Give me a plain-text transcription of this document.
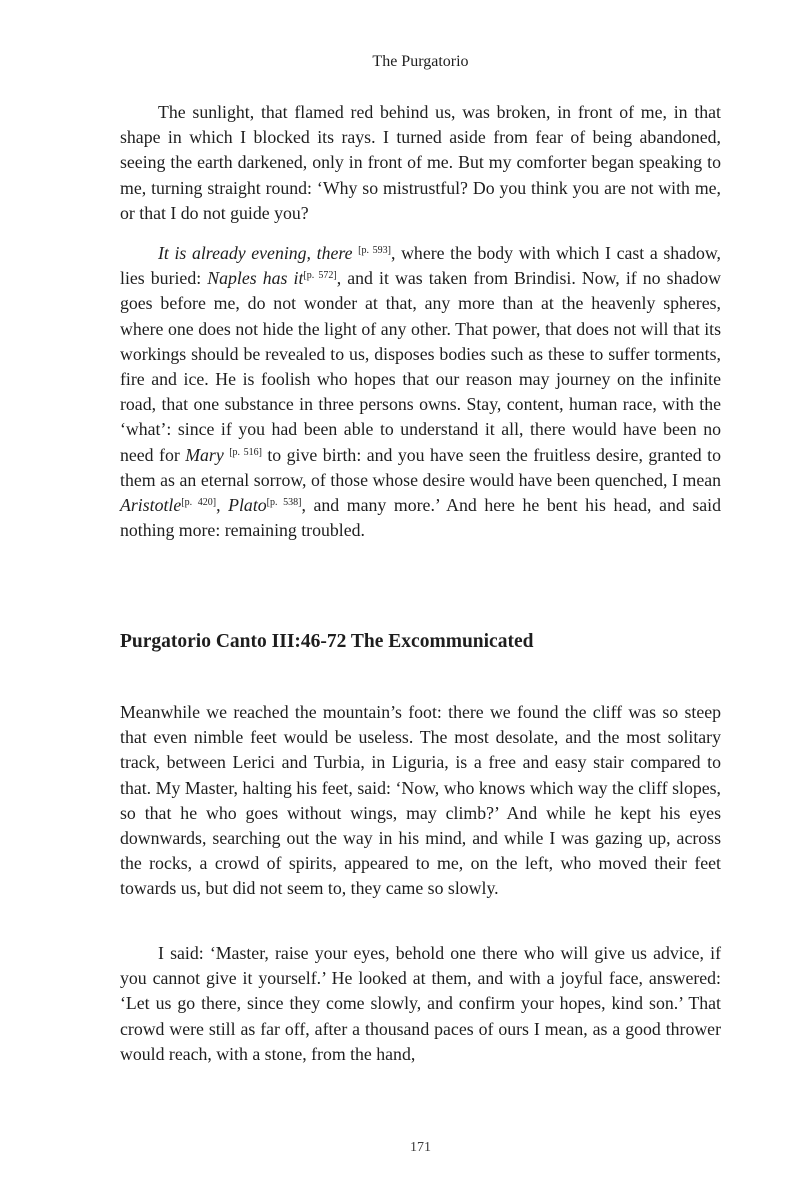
The Purgatorio

The sunlight, that flamed red behind us, was broken, in front of me, in that shape in which I blocked its rays. I turned aside from fear of being abandoned, seeing the earth darkened, only in front of me. But my comforter began speaking to me, turning straight round: ‘Why so mistrustful? Do you think you are not with me, or that I do not guide you?

It is already evening, there [p. 593], where the body with which I cast a shadow, lies buried: Naples has it[p. 572], and it was taken from Brindisi. Now, if no shadow goes before me, do not wonder at that, any more than at the heavenly spheres, where one does not hide the light of any other. That power, that does not will that its workings should be revealed to us, disposes bodies such as these to suffer torments, fire and ice. He is foolish who hopes that our reason may journey on the infinite road, that one substance in three persons owns. Stay, content, human race, with the ‘what’: since if you had been able to understand it all, there would have been no need for Mary [p. 516] to give birth: and you have seen the fruitless desire, granted to them as an eternal sorrow, of those whose desire would have been quenched, I mean Aristotle[p. 420], Plato[p. 538], and many more.’ And here he bent his head, and said nothing more: remaining troubled.

Purgatorio Canto III:46-72 The Excommunicated

Meanwhile we reached the mountain’s foot: there we found the cliff was so steep that even nimble feet would be useless. The most desolate, and the most solitary track, between Lerici and Turbia, in Liguria, is a free and easy stair compared to that. My Master, halting his feet, said: ‘Now, who knows which way the cliff slopes, so that he who goes without wings, may climb?’ And while he kept his eyes downwards, searching out the way in his mind, and while I was gazing up, across the rocks, a crowd of spirits, appeared to me, on the left, who moved their feet towards us, but did not seem to, they came so slowly.

I said: ‘Master, raise your eyes, behold one there who will give us advice, if you cannot give it yourself.’ He looked at them, and with a joyful face, answered: ‘Let us go there, since they come slowly, and confirm your hopes, kind son.’ That crowd were still as far off, after a thousand paces of ours I mean, as a good thrower would reach, with a stone, from the hand,

171
